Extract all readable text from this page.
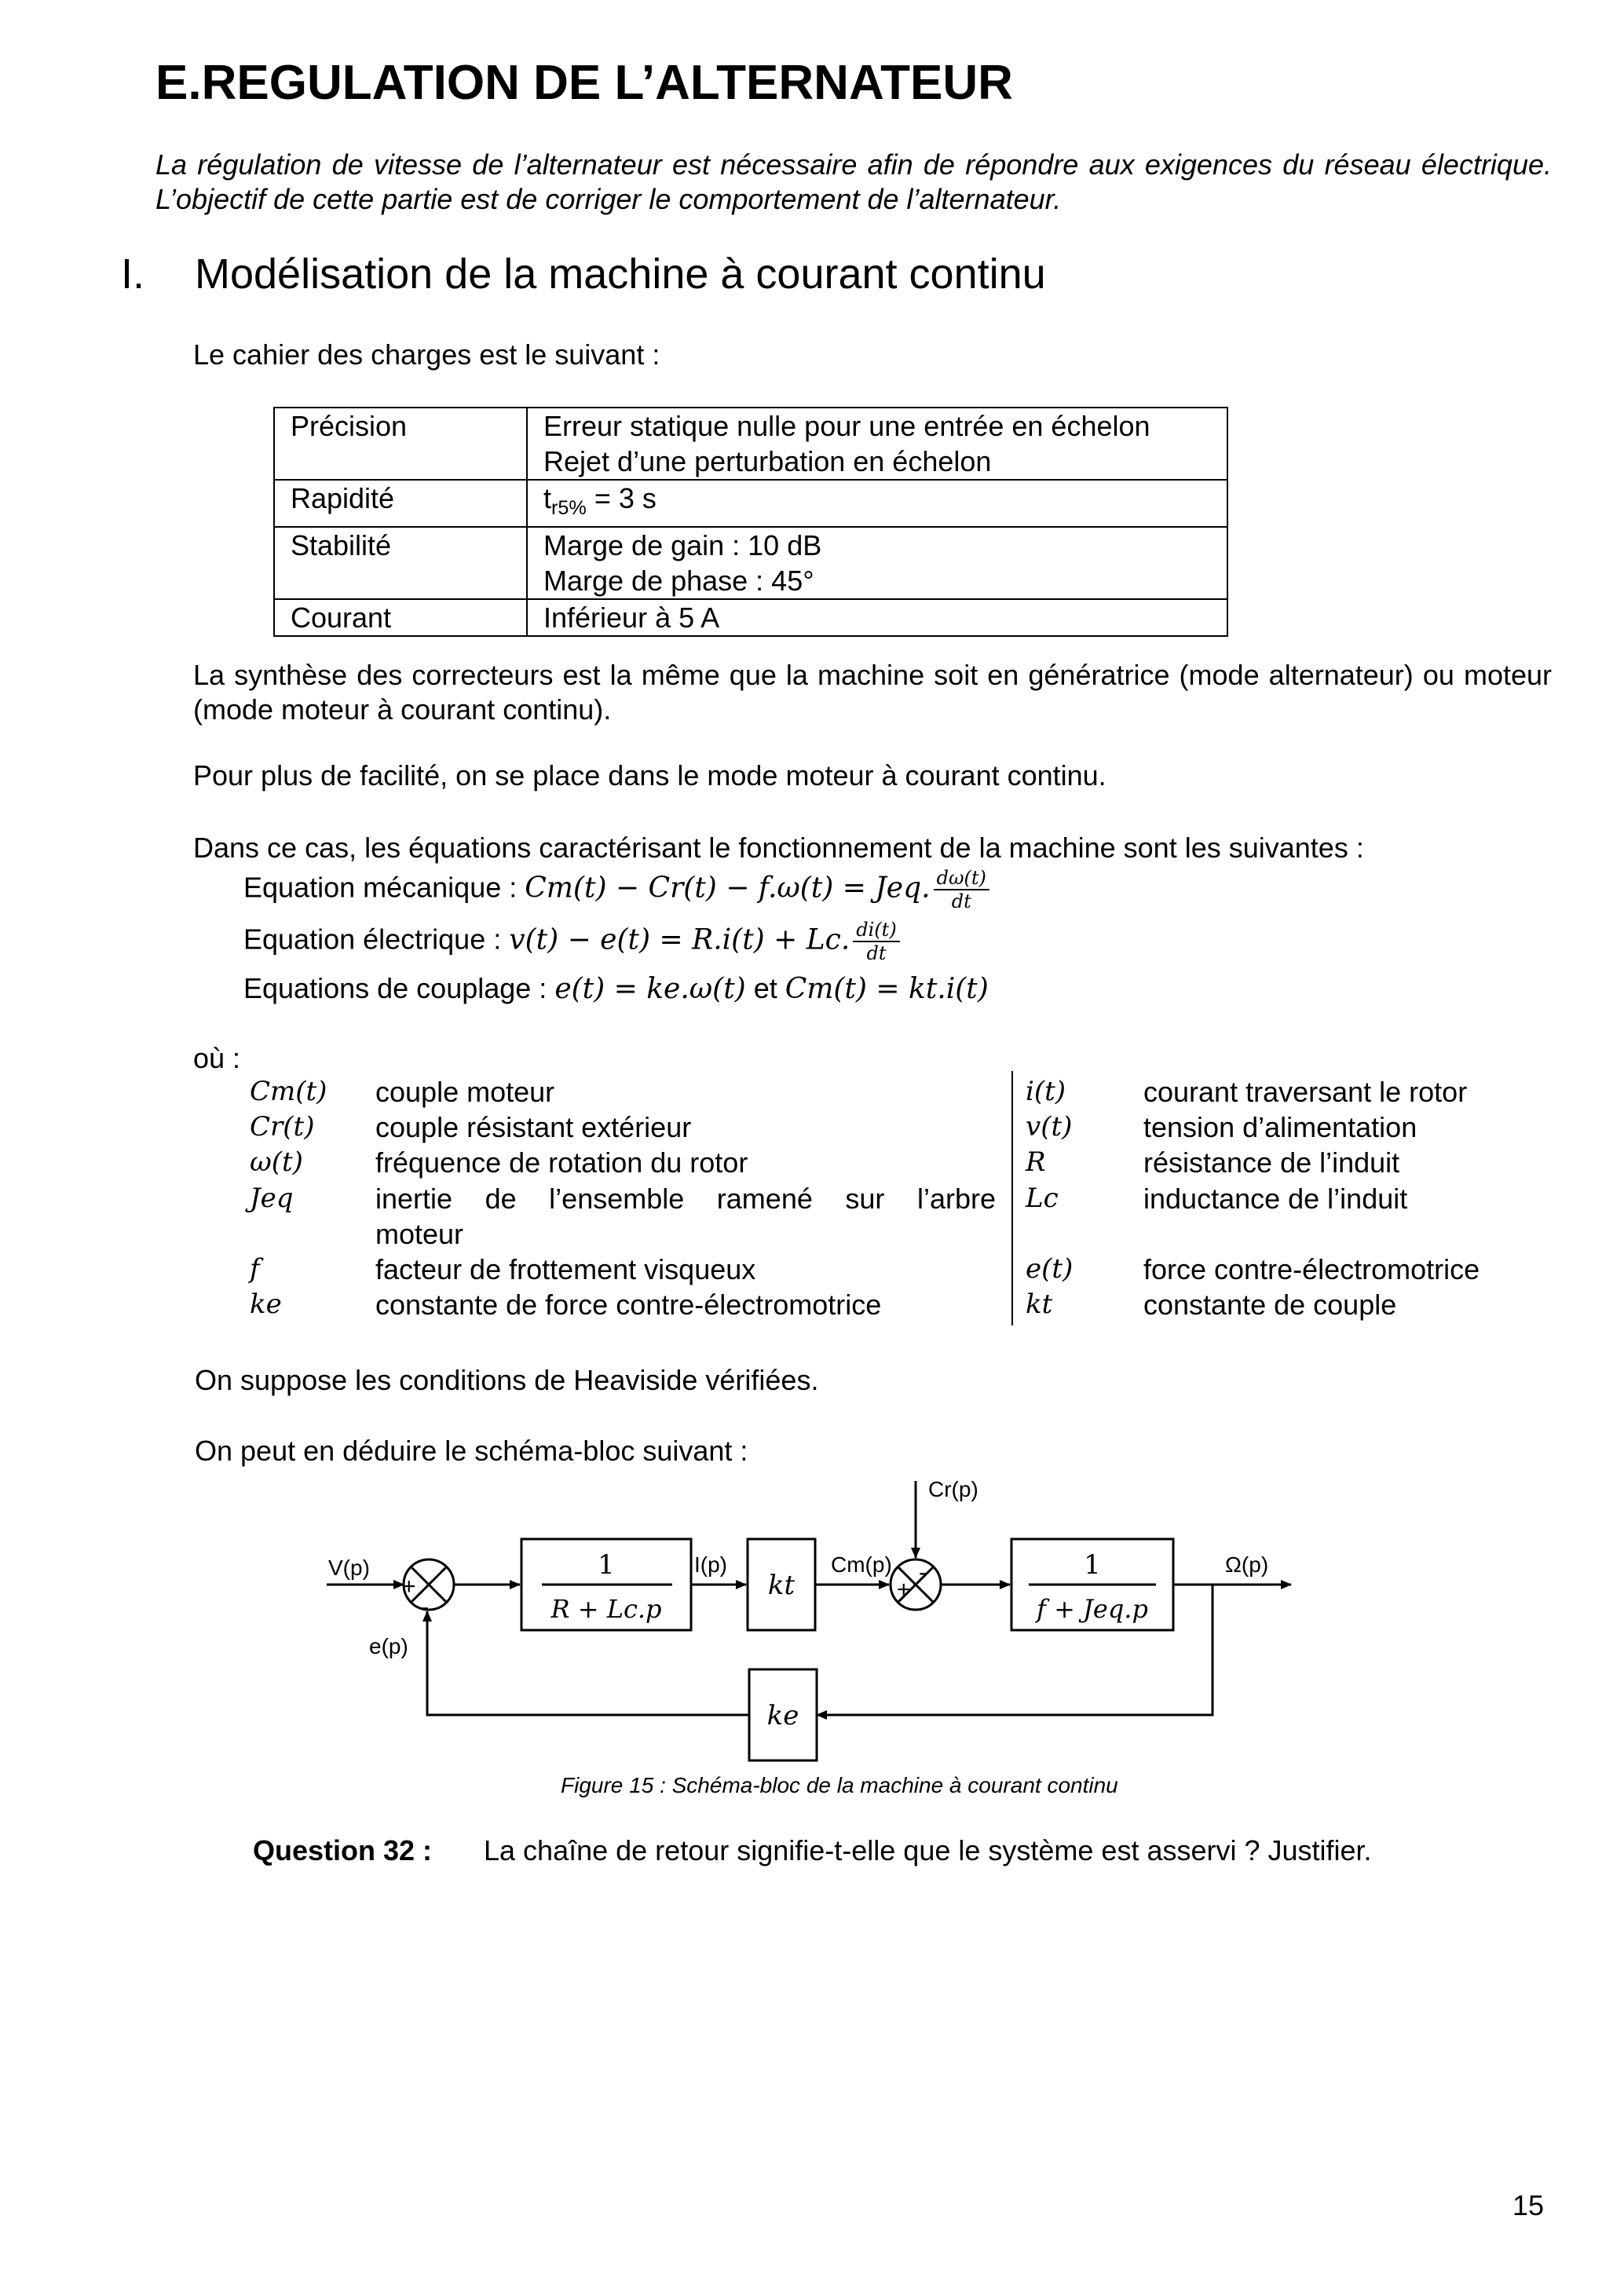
E.REGULATION DE L’ALTERNATEUR
La régulation de vitesse de l’alternateur est nécessaire afin de répondre aux exigences du réseau électrique. L’objectif de cette partie est de corriger le comportement de l’alternateur.
I. Modélisation de la machine à courant continu
Le cahier des charges est le suivant :
Précision	Erreur statique nulle pour une entrée en échelon
Rejet d’une perturbation en échelon

Rapidité	$t_{r5\%} = 3$ s
Stabilité	Marge de gain : 10 dB
Marge de phase : 45°

Courant	Inférieur à 5 A
La synthèse des correcteurs est la même que la machine soit en génératrice (mode alternateur) ou moteur (mode moteur à courant continu).
Pour plus de facilité, on se place dans le mode moteur à courant continu.
Dans ce cas, les équations caractérisant le fonctionnement de la machine sont les suivantes :
Equation mécanique : Cm(t) − Cr(t) − f.ω(t) = Jeq. $\frac{d\omega(t)}{dt}$
Equation électrique : v(t) − e(t) = R.i(t) + Lc. $\frac{di(t)}{dt}$
Equations de couplage : e(t) = ke.ω(t) et Cm(t) = kt.i(t)
où :
Cm(t) couple moteur
Cr(t) couple résistant extérieur
ω(t)	fréquence de rotation du rotor
Jeq	inertie de l’ensemble ramené sur l’arbre
moteur
f	facteur de frottement visqueux
ke	constante de force contre-électromotrice
i(t)	courant traversant le rotor
v(t)	tension d’alimentation
R	résistance de l’induit
Lc	inductance de l’induit
e(t) force contre-électromotrice
kt	constante de couple
On suppose les conditions de Heaviside vérifiées.
On peut en déduire le schéma-bloc suivant :
V(p)
e(p)
I(p)	Cm(p)
Cr(p)
Ω(p)
+
-
-
+
1
R + Lc.p
kt
1
f + Jeq.p
ke
Figure 15 : Schéma-bloc de la machine à courant continu
Question 32 : La chaîne de retour signifie-t-elle que le système est asservi ? Justifier.
15
